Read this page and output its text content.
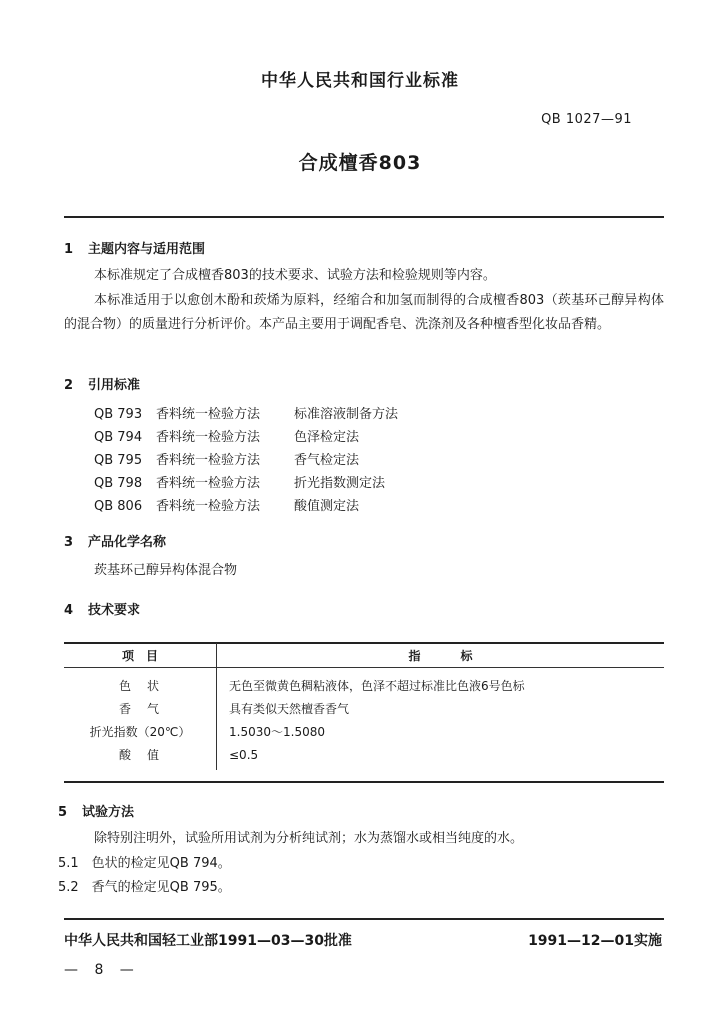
中华人民共和国行业标准
QB 1027—91
合成檀香803
1 主题内容与适用范围
本标准规定了合成檀香803的技术要求、试验方法和检验规则等内容。
本标准适用于以愈创木酚和莰烯为原料，经缩合和加氢而制得的合成檀香803（莰基环己醇异构体的混合物）的质量进行分析评价。本产品主要用于调配香皂、洗涤剂及各种檀香型化妆品香精。
2 引用标准
QB 793 香料统一检验方法	标准溶液制备方法
QB 794 香料统一检验方法	色泽检定法
QB 795 香料统一检验方法	香气检定法
QB 798 香料统一检验方法	折光指数测定法
QB 806 香料统一检验方法	酸值测定法
3 产品化学名称
莰基环己醇异构体混合物
4 技术要求
项　目	指标
色　状	无色至微黄色稠粘液体，色泽不超过标准比色液6号色标
香　气	具有类似天然檀香香气
折光指数（20℃）	1.5030～1.5080
酸　值	≤0.5
5 试验方法
除特别注明外，试验所用试剂为分析纯试剂；水为蒸馏水或相当纯度的水。
5.1　色状的检定见QB 794。
5.2　香气的检定见QB 795。
中华人民共和国轻工业部1991—03—30批准	1991—12—01实施
— 8 —
